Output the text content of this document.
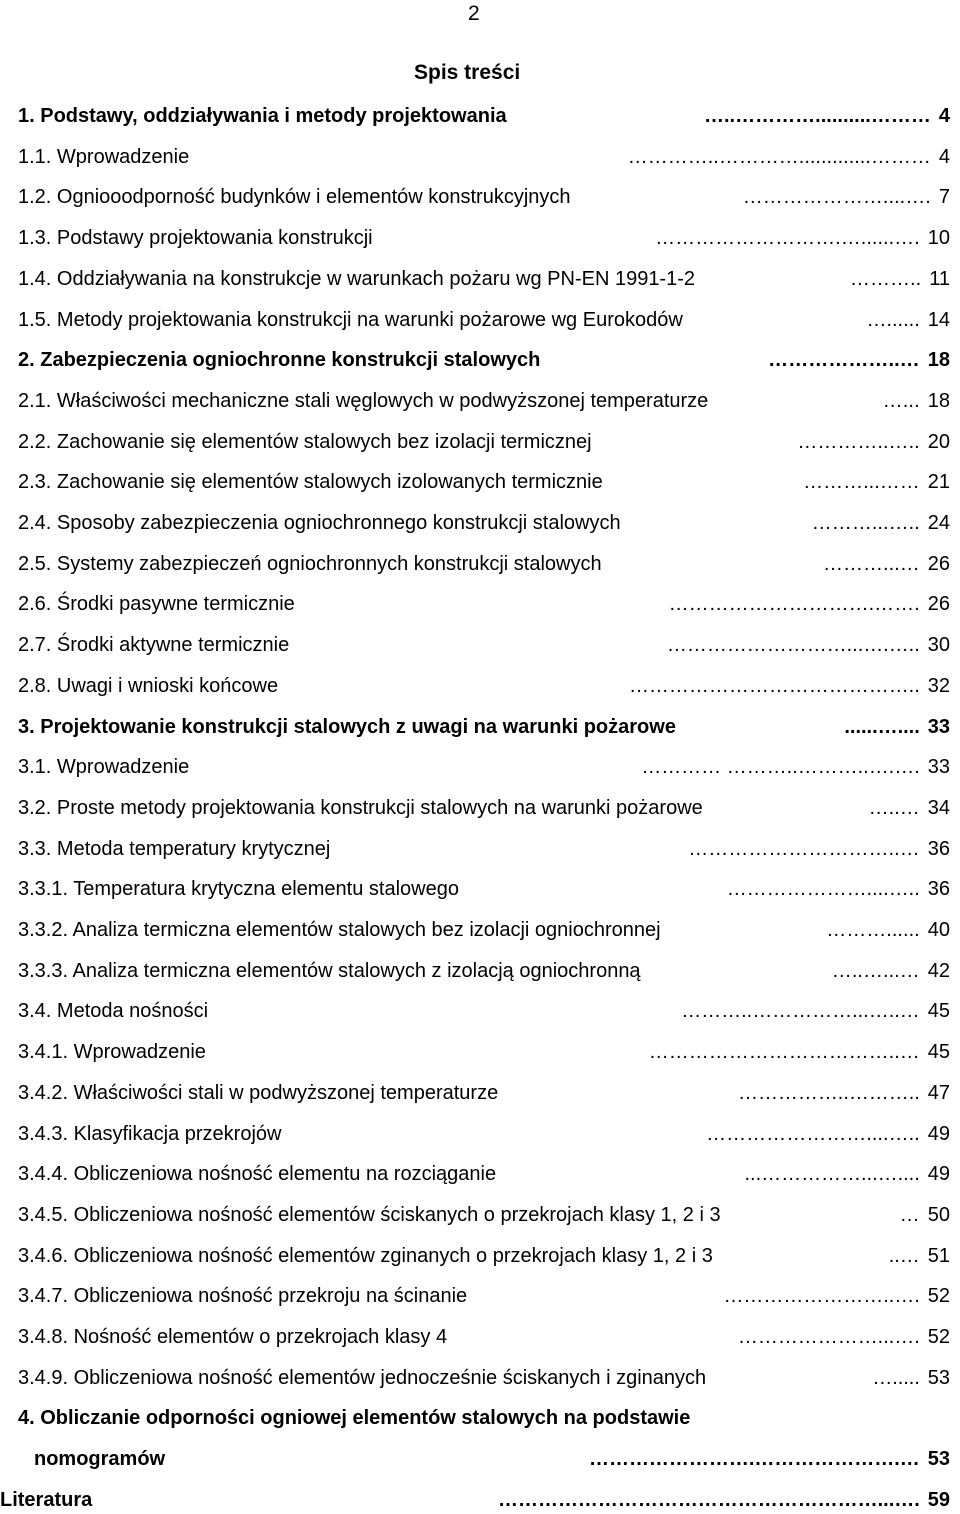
2
Spis treści
1. Podstawy, oddziaływania i metody projektowania	4
…..…………..........………
1.1. Wprowadzenie	4
…………..………….............………
1.2. Ogniooodporność budynków i elementów konstrukcyjnych	7
…………………....….
1.3. Podstawy projektowania konstrukcji	10
……………………….…......….
1.4. Oddziaływania na konstrukcje w warunkach pożaru wg PN-EN 1991-1-2	11
………..
1.5. Metody projektowania konstrukcji na warunki pożarowe wg Eurokodów	14
…......
2. Zabezpieczenia ogniochronne konstrukcji stalowych	18
………………..…
2.1. Właściwości mechaniczne stali węglowych w podwyższonej temperaturze	18
…...
2.2. Zachowanie się elementów stalowych bez izolacji termicznej	20
…………..…..
2.3. Zachowanie się elementów stalowych izolowanych termicznie	21
………...……
2.4. Sposoby zabezpieczenia ogniochronnego konstrukcji stalowych	24
………...…..
2.5. Systemy zabezpieczeń ogniochronnych konstrukcji stalowych	26
………...…
2.6. Środki pasywne termicznie	26
………………………….…….
2.7. Środki aktywne termicznie	30
………………………...….…..
2.8. Uwagi i wnioski końcowe	32
……………………………………..
3. Projektowanie konstrukcji stalowych z uwagi na warunki pożarowe	33
......…....
3.1. Wprowadzenie	33
………… ………..………..….….
3.2. Proste metody projektowania konstrukcji stalowych na warunki pożarowe	34
…..…
3.3. Metoda temperatury krytycznej	36
…………………………..…
3.3.1. Temperatura krytyczna elementu stalowego	36
…………………....…..
3.3.2. Analiza termiczna elementów stalowych bez izolacji ogniochronnej	40
………......
3.3.3. Analiza termiczna elementów stalowych z izolacją ogniochronną	42
…..…...…
3.4. Metoda nośności	45
………..……………...…..…
3.4.1. Wprowadzenie	45
………………………………..…
3.4.2. Właściwości stali w podwyższonej temperaturze	47
……………..………..
3.4.3. Klasyfikacja przekrojów	49
……………………....…..
3.4.4. Obliczeniowa nośność elementu na rozciąganie	49
...……………...…....
3.4.5. Obliczeniowa nośność elementów ściskanych o przekrojach klasy 1, 2 i 3	50
…
3.4.6. Obliczeniowa nośność elementów zginanych o przekrojach klasy 1, 2 i 3	51
..…
3.4.7. Obliczeniowa nośność przekroju na ścinanie	52
……………………..….
3.4.8. Nośność elementów o przekrojach klasy 4	52
…………………...….
3.4.9. Obliczeniowa nośność elementów jednocześnie ściskanych i zginanych	53
….....
4. Obliczanie odporności ogniowej elementów stalowych na podstawie
nomogramów	53
…………………….………………….…
Literatura	59
…………………………………………………...….
